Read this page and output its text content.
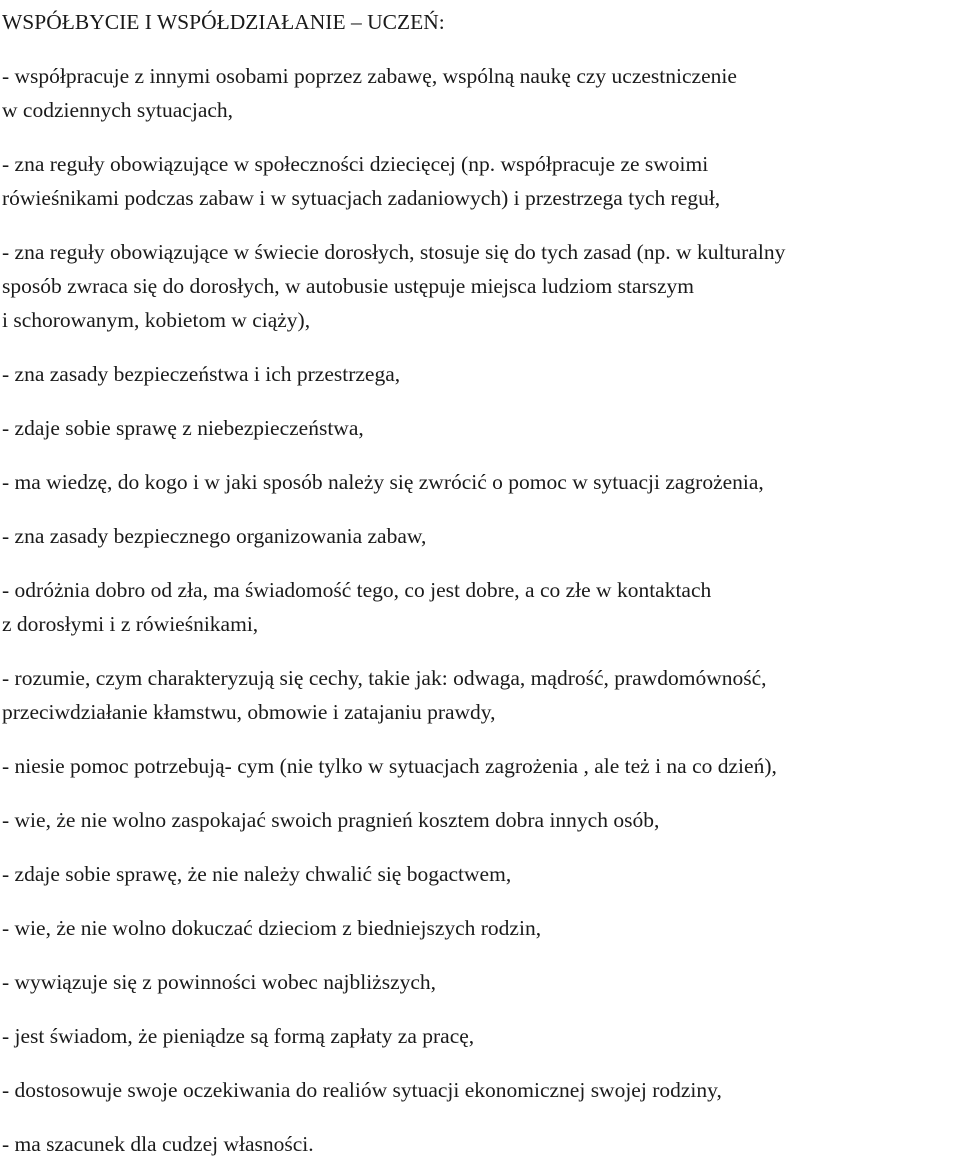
WSPÓŁBYCIE I WSPÓŁDZIAŁANIE – UCZEŃ:
- współpracuje z innymi osobami poprzez zabawę, wspólną naukę czy uczestniczenie
w codziennych sytuacjach,
- zna reguły obowiązujące w społeczności dziecięcej (np. współpracuje ze swoimi
rówieśnikami podczas zabaw i w sytuacjach zadaniowych) i przestrzega tych reguł,
- zna reguły obowiązujące w świecie dorosłych, stosuje się do tych zasad (np. w kulturalny
sposób zwraca się do dorosłych, w autobusie ustępuje miejsca ludziom starszym
i schorowanym, kobietom w ciąży),
- zna zasady bezpieczeństwa i ich przestrzega,
- zdaje sobie sprawę z niebezpieczeństwa,
- ma wiedzę, do kogo i w jaki sposób należy się zwrócić o pomoc w sytuacji zagrożenia,
- zna zasady bezpiecznego organizowania zabaw,
- odróżnia dobro od zła, ma świadomość tego, co jest dobre, a co złe w kontaktach
z dorosłymi i z rówieśnikami,
- rozumie, czym charakteryzują się cechy, takie jak: odwaga, mądrość, prawdomówność,
przeciwdziałanie kłamstwu, obmowie i zatajaniu prawdy,
- niesie pomoc potrzebują- cym (nie tylko w sytuacjach zagrożenia , ale też i na co dzień),
- wie, że nie wolno zaspokajać swoich pragnień kosztem dobra innych osób,
- zdaje sobie sprawę, że nie należy chwalić się bogactwem,
- wie, że nie wolno dokuczać dzieciom z biedniejszych rodzin,
- wywiązuje się z powinności wobec najbliższych,
- jest świadom, że pieniądze są formą zapłaty za pracę,
- dostosowuje swoje oczekiwania do realiów sytuacji ekonomicznej swojej rodziny,
- ma szacunek dla cudzej własności.
